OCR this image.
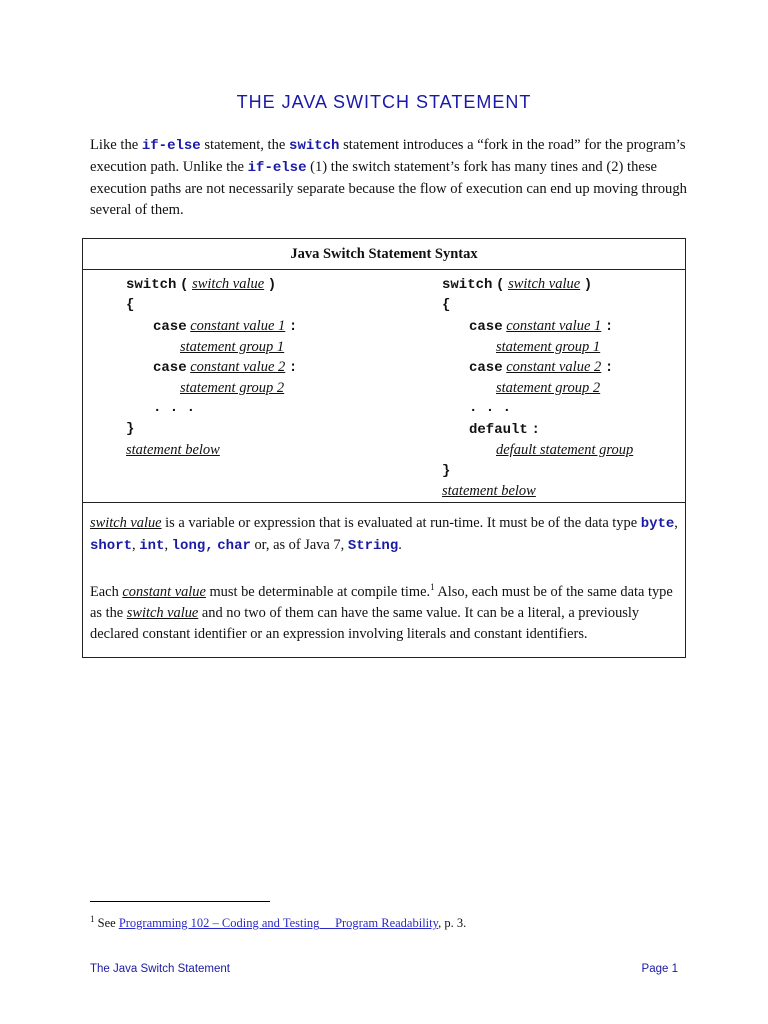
THE JAVA SWITCH STATEMENT
Like the if-else statement, the switch statement introduces a “fork in the road” for the program’s execution path. Unlike the if-else (1) the switch statement’s fork has many tines and (2) these execution paths are not necessarily separate because the flow of execution can end up moving through several of them.
Java Switch Statement Syntax
switch ( switch value )
{
case constant value 1 :
statement group 1
case constant value 2 :
statement group 2
. . .
}
statement below
switch ( switch value )
{
case constant value 1 :
statement group 1
case constant value 2 :
statement group 2
. . .
default :
default statement group
}
statement below

switch value is a variable or expression that is evaluated at run-time. It must be of the data type byte, short, int, long, char or, as of Java 7, String.

Each constant value must be determinable at compile time.$^1$ Also, each must be of the same data type as the switch value and no two of them can have the same value. It can be a literal, a previously declared constant identifier or an expression involving literals and constant identifiers.

$^1$ See Programming 102 – Coding and Testing Program Readability, p. 3.
The Java Switch Statement	Page 1
